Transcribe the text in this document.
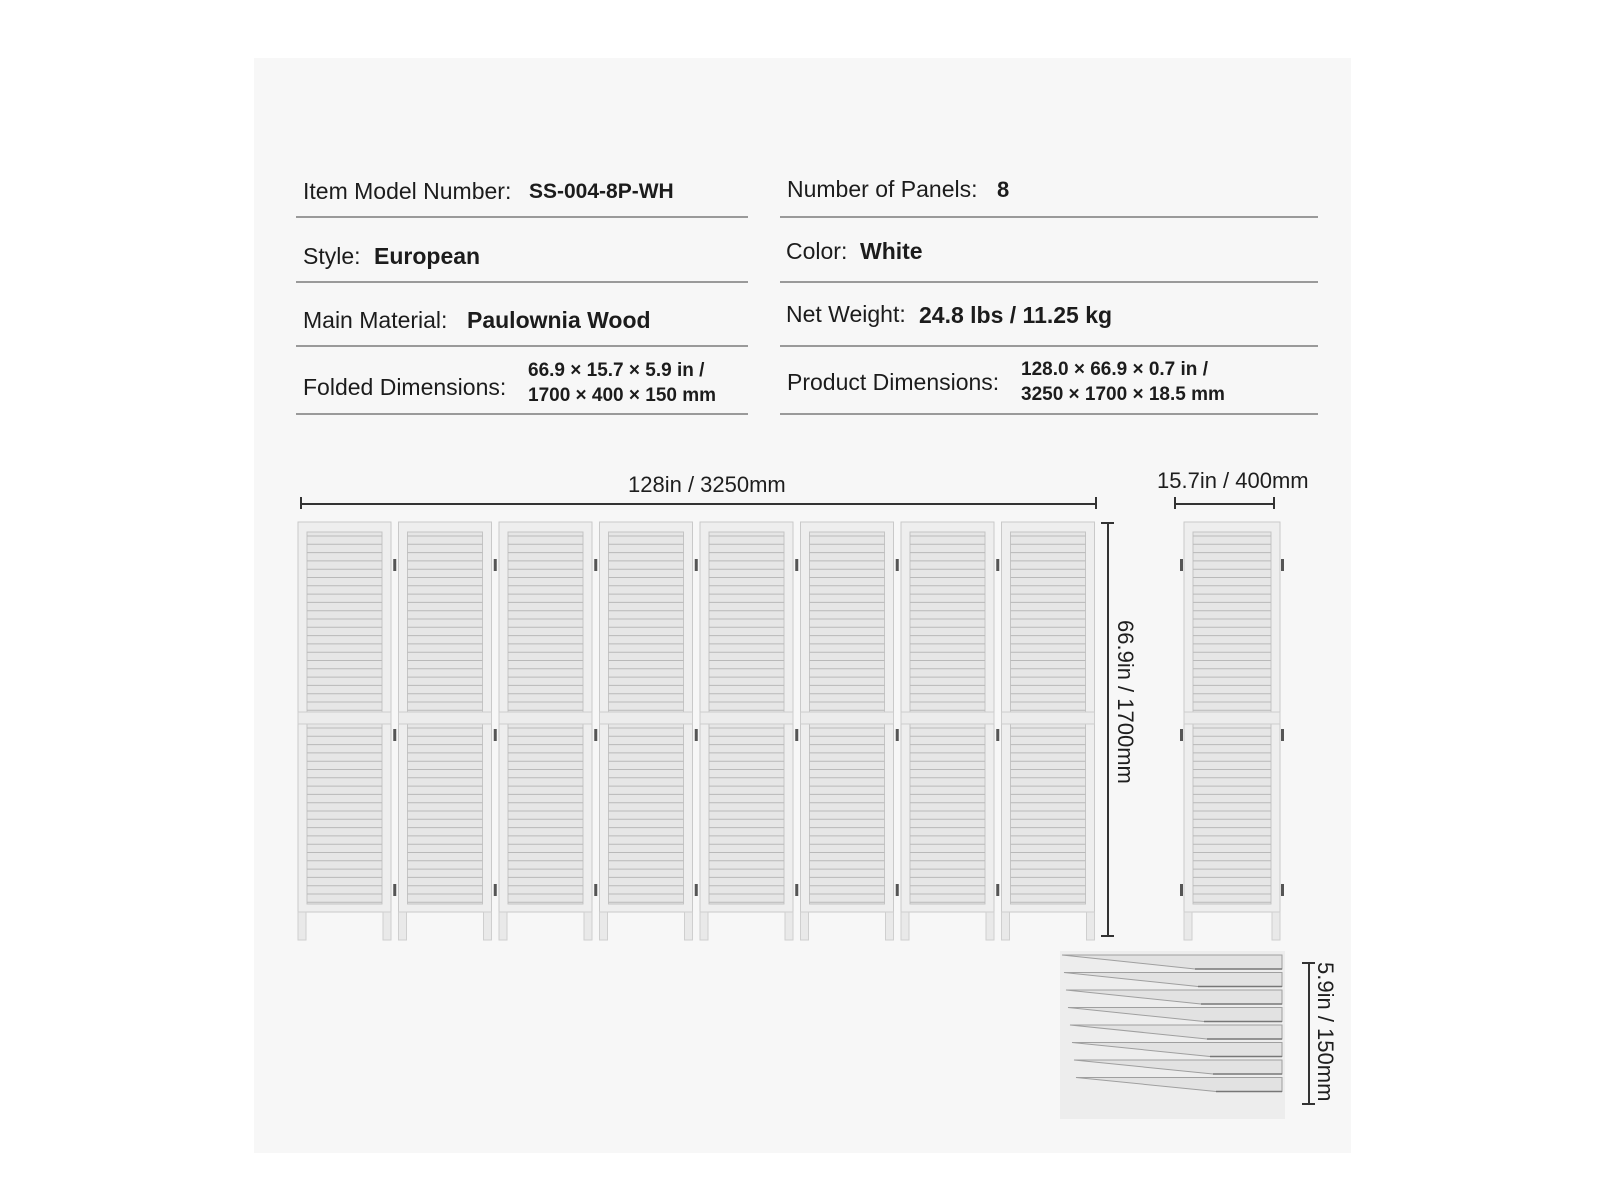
Item Model Number: SS-004-8P-WH
Style: European
Main Material: Paulownia Wood
Folded Dimensions:
66.9 × 15.7 × 5.9 in /
1700 × 400 × 150 mm
Number of Panels: 8
Color: White
Net Weight: 24.8 lbs / 11.25 kg
Product Dimensions: 128.0 × 66.9 × 0.7 in /
3250 × 1700 × 18.5 mm
128in / 3250mm
66.9in / 1700mm
15.7in / 400mm
5.9in / 150mm
